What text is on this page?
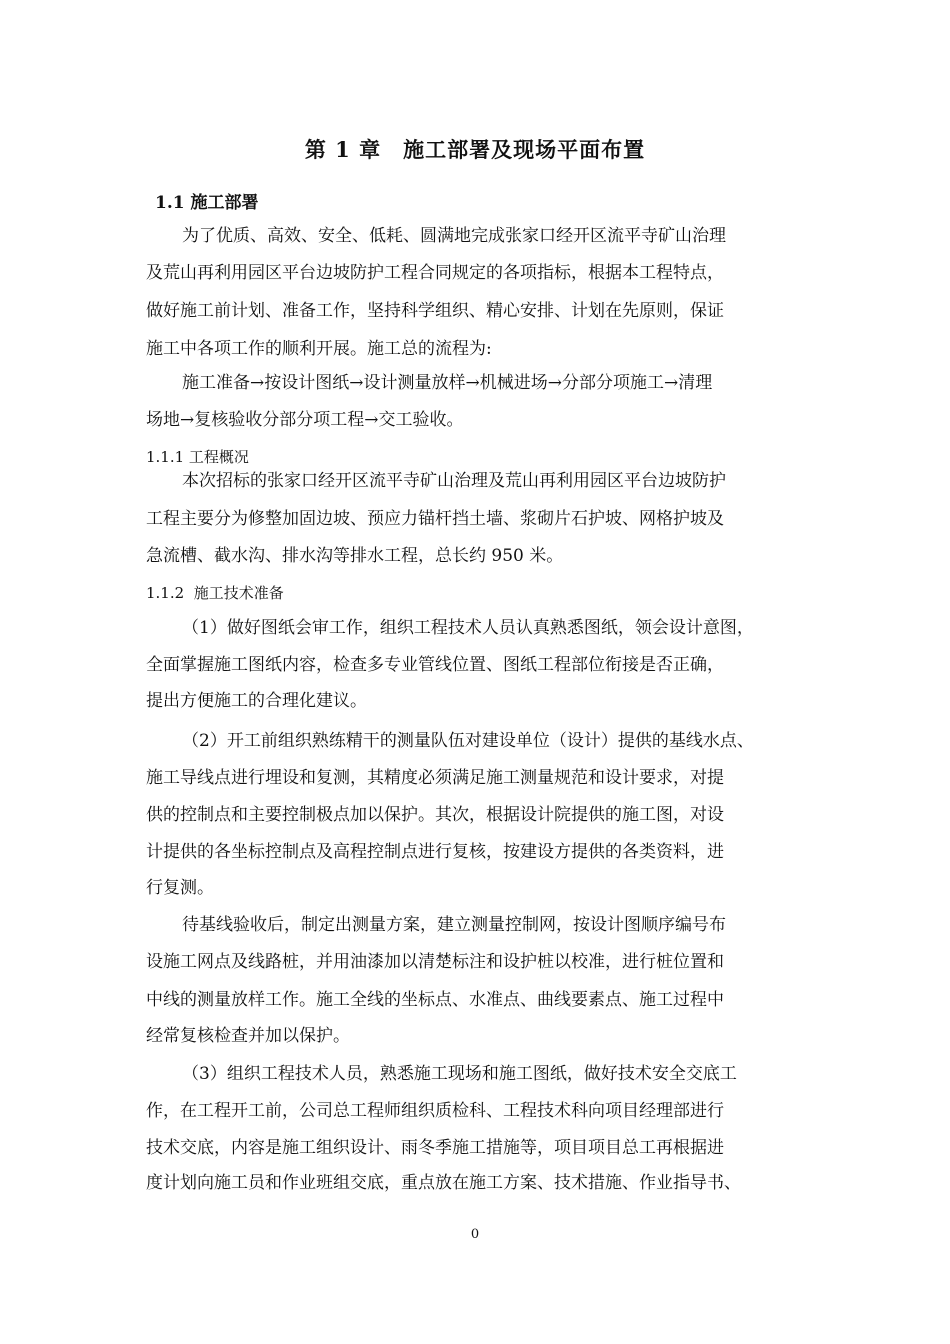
第 1 章　施工部署及现场平面布置
1.1 施工部署
为了优质、高效、安全、低耗、圆满地完成张家口经开区流平寺矿山治理
及荒山再利用园区平台边坡防护工程合同规定的各项指标，根据本工程特点，
做好施工前计划、准备工作，坚持科学组织、精心安排、计划在先原则，保证
施工中各项工作的顺利开展。施工总的流程为:
施工准备→按设计图纸→设计测量放样→机械进场→分部分项施工→清理
场地→复核验收分部分项工程→交工验收。
1.1.1 工程概况
本次招标的张家口经开区流平寺矿山治理及荒山再利用园区平台边坡防护
工程主要分为修整加固边坡、预应力锚杆挡土墙、浆砌片石护坡、网格护坡及
急流槽、截水沟、排水沟等排水工程，总长约 950 米。
1.1.2  施工技术准备
（1）做好图纸会审工作，组织工程技术人员认真熟悉图纸，领会设计意图，
全面掌握施工图纸内容，检查多专业管线位置、图纸工程部位衔接是否正确，
提出方便施工的合理化建议。
（2）开工前组织熟练精干的测量队伍对建设单位（设计）提供的基线水点、
施工导线点进行埋设和复测，其精度必须满足施工测量规范和设计要求，对提
供的控制点和主要控制极点加以保护。其次，根据设计院提供的施工图，对设
计提供的各坐标控制点及高程控制点进行复核，按建设方提供的各类资料，进
行复测。
待基线验收后，制定出测量方案，建立测量控制网，按设计图顺序编号布
设施工网点及线路桩，并用油漆加以清楚标注和设护桩以校准，进行桩位置和
中线的测量放样工作。施工全线的坐标点、水准点、曲线要素点、施工过程中
经常复核检查并加以保护。
（3）组织工程技术人员，熟悉施工现场和施工图纸，做好技术安全交底工
作，在工程开工前，公司总工程师组织质检科、工程技术科向项目经理部进行
技术交底，内容是施工组织设计、雨冬季施工措施等，项目项目总工再根据进
度计划向施工员和作业班组交底，重点放在施工方案、技术措施、作业指导书、
0
